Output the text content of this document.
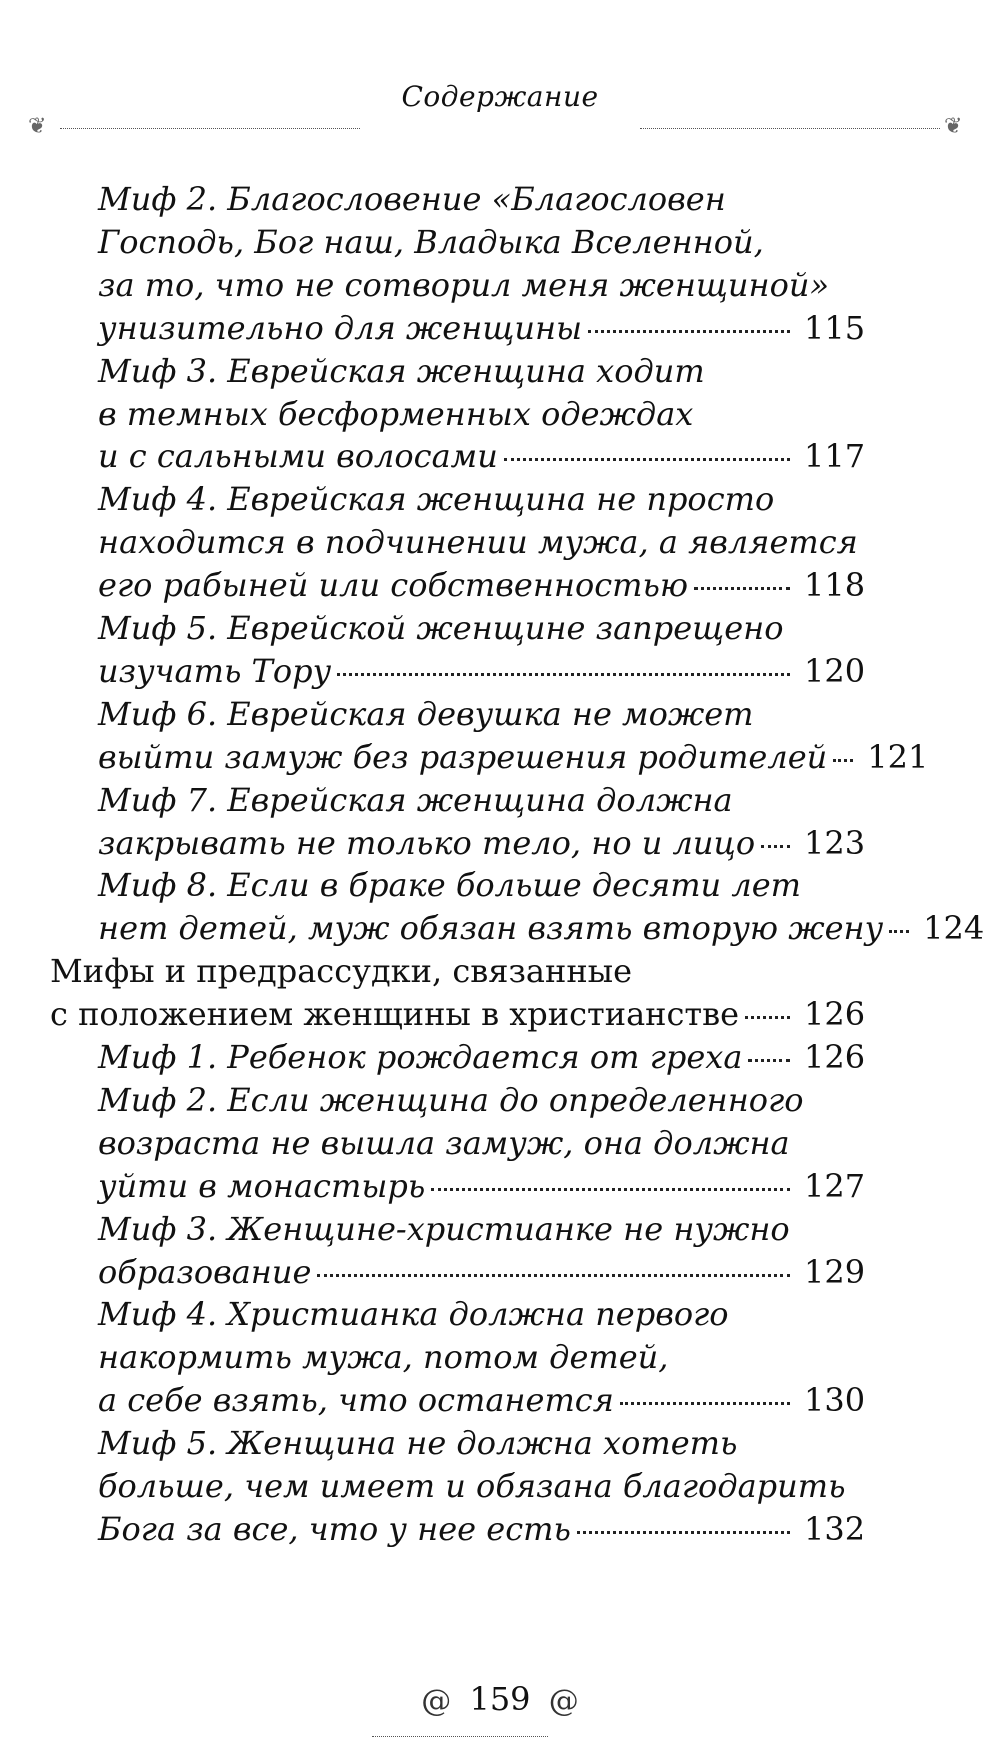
Содержание
❦	❦
Миф 2. Благословение «Благословен
Господь, Бог наш, Владыка Вселенной,
за то, что не сотворил меня женщиной»
унизительно для женщины	115
Миф 3. Еврейская женщина ходит
в темных бесформенных одеждах
и с сальными волосами	117
Миф 4. Еврейская женщина не просто
находится в подчинении мужа, а является
его рабыней или собственностью	118
Миф 5. Еврейской женщине запрещено
изучать Тору	120
Миф 6. Еврейская девушка не может
выйти замуж без разрешения родителей 121
Миф 7. Еврейская женщина должна
закрывать не только тело, но и лицо 123
Миф 8. Если в браке больше десяти лет
нет детей, муж обязан взять вторую жену 124
Мифы и предрассудки, связанные
с положением женщины в христианстве 126
Миф 1. Ребенок рождается от греха 126
Миф 2. Если женщина до определенного
возраста не вышла замуж, она должна
уйти в монастырь	127
Миф 3. Женщине-христианке не нужно
образование	129
Миф 4. Христианка должна первого
накормить мужа, потом детей,
а себе взять, что останется	130
Миф 5. Женщина не должна хотеть
больше, чем имеет и обязана благодарить
Бога за все, что у нее есть	132
@ 159 @
